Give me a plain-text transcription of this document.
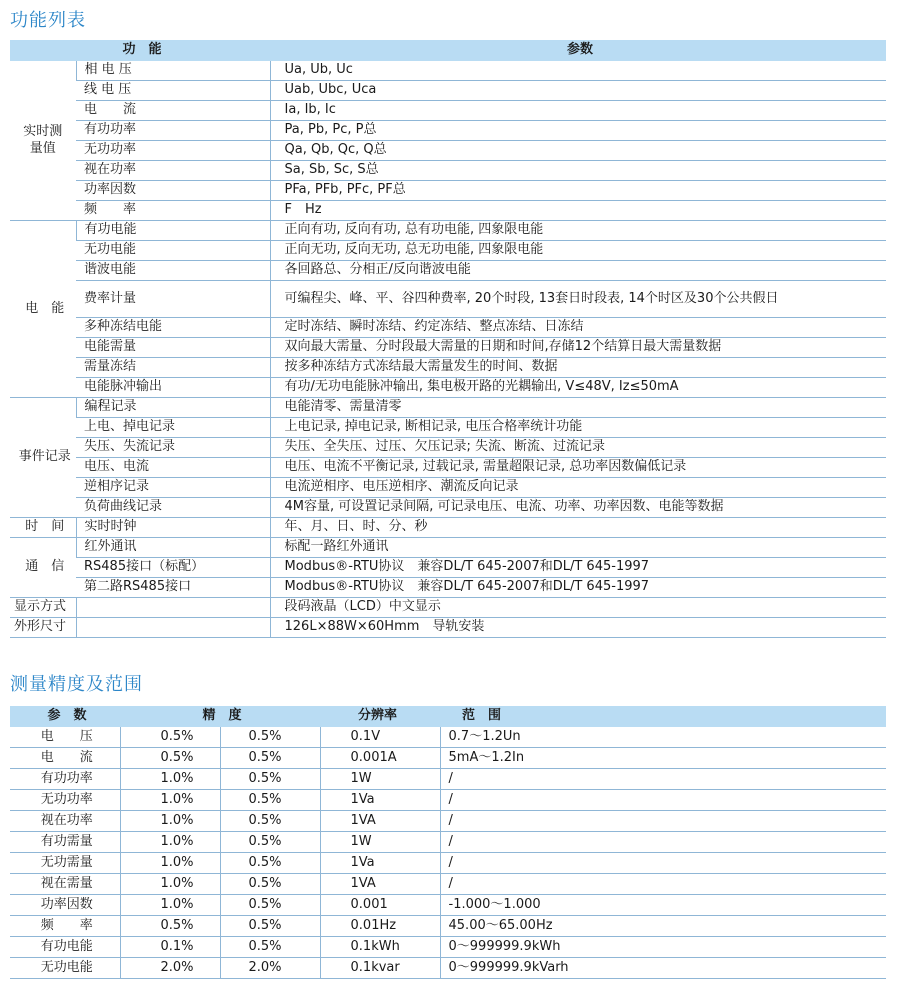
功能列表
功　能		参数
实时测量值	相 电 压	Ua, Ub, Uc
	线 电 压	Uab, Ubc, Uca
	电　　流	Ia, Ib, Ic
	有功功率	Pa, Pb, Pc, P总
	无功功率	Qa, Qb, Qc, Q总
	视在功率	Sa, Sb, Sc, S总
	功率因数	PFa, PFb, PFc, PF总
	频　　率	F　Hz
电　能	有功电能	正向有功, 反向有功, 总有功电能, 四象限电能
	无功电能	正向无功, 反向无功, 总无功电能, 四象限电能
	谐波电能	各回路总、分相正/反向谐波电能
	费率计量	可编程尖、峰、平、谷四种费率, 20个时段, 13套日时段表, 14个时区及30个公共假日
	多种冻结电能	定时冻结、瞬时冻结、约定冻结、整点冻结、日冻结
	电能需量	双向最大需量、分时段最大需量的日期和时间,存储12个结算日最大需量数据
	需量冻结	按多种冻结方式冻结最大需量发生的时间、数据
	电能脉冲输出	有功/无功电能脉冲输出, 集电极开路的光耦输出, V≤48V, Iz≤50mA
事件记录	编程记录	电能清零、需量清零
	上电、掉电记录	上电记录, 掉电记录, 断相记录, 电压合格率统计功能
	失压、失流记录	失压、全失压、过压、欠压记录; 失流、断流、过流记录
	电压、电流	电压、电流不平衡记录, 过载记录, 需量超限记录, 总功率因数偏低记录
	逆相序记录	电流逆相序、电压逆相序、潮流反向记录
	负荷曲线记录	4M容量, 可设置记录间隔, 可记录电压、电流、功率、功率因数、电能等数据
时　间	实时时钟	年、月、日、时、分、秒
通　信	红外通讯	标配一路红外通讯
	RS485接口（标配）	Modbus®-RTU协议　兼容DL/T 645-2007和DL/T 645-1997
	第二路RS485接口	Modbus®-RTU协议　兼容DL/T 645-2007和DL/T 645-1997
显示方式		段码液晶（LCD）中文显示
外形尺寸		126L×88W×60Hmm　导轨安装
测量精度及范围
参　数	精　度		分辨率	范　围
电　　压	0.5%	0.5%	0.1V	0.7～1.2Un
电　　流	0.5%	0.5%	0.001A	5mA～1.2In
有功功率	1.0%	0.5%	1W	/
无功功率	1.0%	0.5%	1Va	/
视在功率	1.0%	0.5%	1VA	/
有功需量	1.0%	0.5%	1W	/
无功需量	1.0%	0.5%	1Va	/
视在需量	1.0%	0.5%	1VA	/
功率因数	1.0%	0.5%	0.001	-1.000～1.000
频　　率	0.5%	0.5%	0.01Hz	45.00～65.00Hz
有功电能	0.1%	0.5%	0.1kWh	0～999999.9kWh
无功电能	2.0%	2.0%	0.1kvar	0～999999.9kVarh
